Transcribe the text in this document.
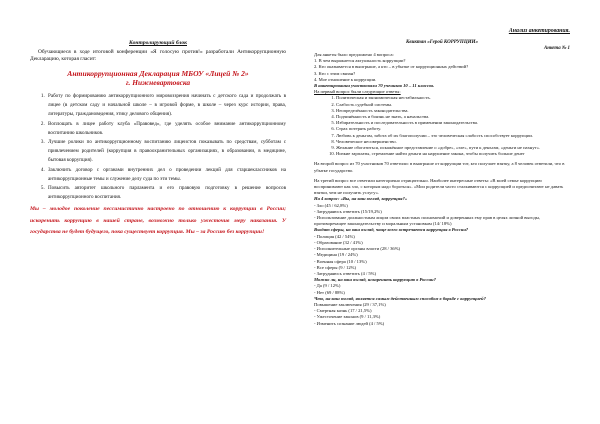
Контролирующий блок

Обучающиеся в ходе итоговой конференции «Я голосую против!» разработали Антикоррупционную Декларацию, которая гласит:

Антикоррупционная Декларация МБОУ «Лицей № 2»

г. Нижневартовска

1. Работу по формированию антикоррупционного мировоззрения начинать с детского сада и продолжать в лицее (в детском саду и начальной школе – в игровой форме, в школе – через курс истории, права, литературы, граждановедения, этику делового общения).
2. Воплощать в лицее работу клуба «Правовед», где уделять особое внимание антикоррупционному воспитанию школьников.
3. Лучшие ролики по антикоррупционному воспитанию лицеистов показывать по средствам, субботам с привлечением родителей (коррупция в правоохранительных организациях, в образовании, в медицине, бытовая коррупция).
4. Заключить договор с органами внутренних дел о проведении лекций для старшеклассников на антикоррупционные темы и служение делу суда по эти темы.
5. Повысить авторитет школьного парламента и его правовую подготовку в решение вопросов антикоррупционного воспитания.

Мы – молодое поколение пессимистично настроено по отношению к коррупции в России; искоренить коррупцию в нашей стране, возможно только ужесточив меру наказания. У государства не будет будущего, пока существует коррупция. Мы – за Россию без коррупции!

Анализ анкетирования.

Квиктан «Герой КОРРУПЦИИ»

Анкета № 1

Для анкеты было предложено 4 вопроса:
1. В чем выражается актуальность коррупции?
2. Кто оказывается в выигрыше, а кто – в убытке от коррупционных действий?
3. Кто с этим связан?
4. Мое отношение к коррупции.
В анкетировании участвовали 70 учеников 10 – 11 классов.
На первый вопрос были следующие ответы:
1. Политическая и экономическая нестабильность.
2. Слабость судебной системы.
3. Неопределённость законодательства.
4. Подчинённость и боязнь не знать, а начальства.
5. Избирательность и последовательность в применении законодательства.
6. Страх потерять работу.
7. Любовь к деньгам, забота об их благополучии – это человеческая слабость способствует коррупции.
8. Человеческое несовершенство.
9. Желание обогатиться, искажённое представление о «добре», «зле», пути к деньгам, «деньги не пахнут».
10. Низкие зарплаты, стремление найти деньги на нарушение закона, чтобы получить больше денег
На второй вопрос из 70 участников 70 ответили: в выигрыше от коррупции тот, кто получает взятку, а 8 человек ответили, что в убытке государство.
На третий вопрос все ответили категорично отрицательно. Наиболее интересные ответы: «В моей семье коррупцию воспринимают как зло, с которым надо бороться». «Мои родители часто сталкиваются с коррупцией и предпочитают не давать взятки, чем не получить услугу».
На 4 вопрос: «Вы, на ваш взгляд, коррупция?»
- Зло (45 / 62,8%)
- Затрудняюсь ответить (15/19,2%)
- Использование должностным лицом своих властных полномочий и доверенных ему прав в целях личной выгоды, противоречащее законодательству и моральным установкам (14/ 18%)
Входят сферы, на ваш взгляд, чаще всего встречается коррупция в России?
- Полиция (42 / 54%)
- Образование (32 / 41%)
- Исполнительные органы власти (28 / 36%)
- Медицина (19 / 24%)
- Военная сфера (10 / 13%)
- Все сферы (9 / 12%)
- Затрудняюсь ответить (4 / 5%)
Можно ли, на ваш взгляд, искоренить коррупцию в России?
- Да (9 / 12%)
- Нет (69 / 88%)
Что, на ваш взгляд, является самым действенным способом в борьбе с коррупцией?
Повышение заключения (29 / 37,1%)
- Смертная казнь (17 / 21,5%)
- Ужесточение законов (9 / 11,3%)
- Изменить сознание людей (4 / 5%)
